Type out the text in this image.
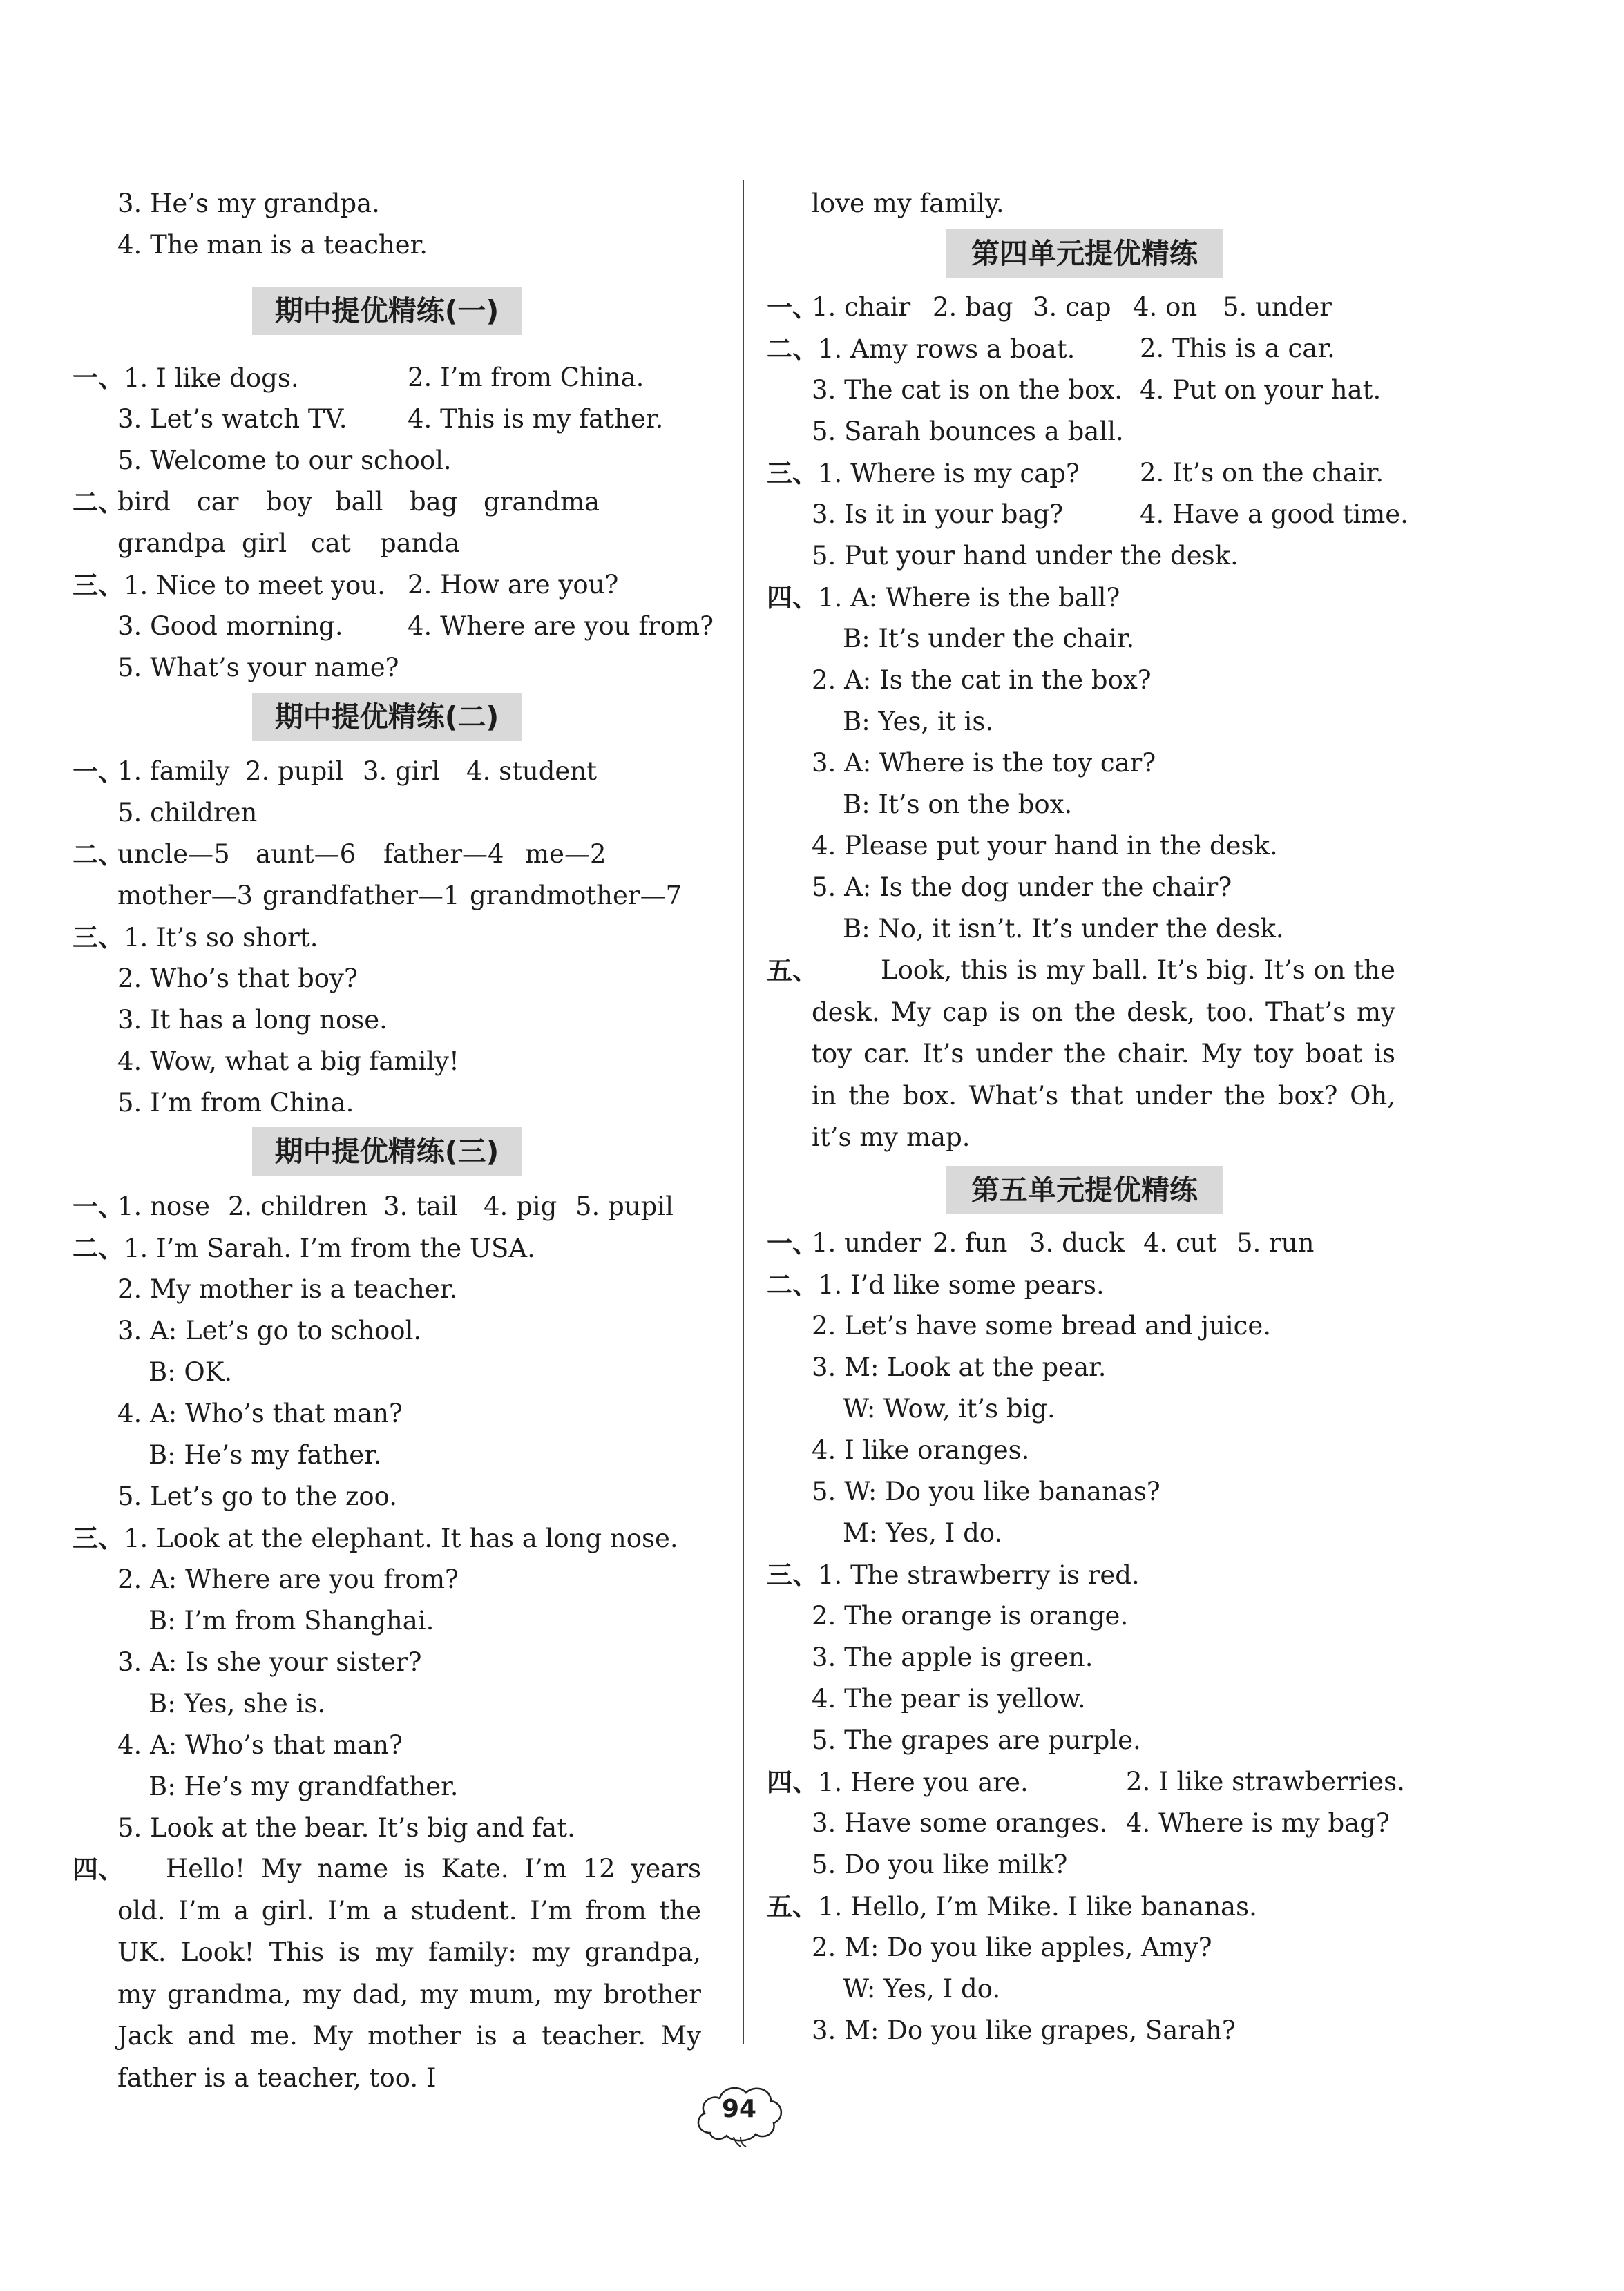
3. He’s my grandpa.
4. The man is a teacher.
期中提优精练(一)
一、1. I like dogs.	2. I’m from China.
3. Let’s watch TV. 4. This is my father.
5. Welcome to our school.
二、
bird car boy ball bag grandma
grandpa girl cat panda
三、1. Nice to meet you. 2. How are you?
3. Good morning.	4. Where are you from?
5. What’s your name?
期中提优精练(二)
一、
1. family 2. pupil 3. girl 4. student
5. children
二、
uncle—5 aunt—6 father—4 me—2
mother—3 grandfather—1 grandmother—7
三、1. It’s so short.
2. Who’s that boy?
3. It has a long nose.
4. Wow, what a big family!
5. I’m from China.
期中提优精练(三)
一、
1. nose 2. children 3. tail 4. pig 5. pupil
二、1. I’m Sarah. I’m from the USA.
2. My mother is a teacher.
3. A: Let’s go to school.
B: OK.
4. A: Who’s that man?
B: He’s my father.
5. Let’s go to the zoo.
三、1. Look at the elephant. It has a long nose.
2. A: Where are you from?
B: I’m from Shanghai.
3. A: Is she your sister?
B: Yes, she is.
4. A: Who’s that man?
B: He’s my grandfather.
5. Look at the bear. It’s big and fat.
四、 Hello! My name is Kate. I’m 12 years old. I’m a girl. I’m a student. I’m from the UK. Look! This is my family: my grandpa, my grandma, my dad, my mum, my brother Jack and me. My mother is a teacher. My father is a teacher, too. I
love my family.
第四单元提优精练
一、
1. chair 2. bag 3. cap 4. on 5. under
二、1. Amy rows a boat.	2. This is a car.
3. The cat is on the box. 4. Put on your hat.
5. Sarah bounces a ball.
三、1. Where is my cap? 2. It’s on the chair.
3. Is it in your bag?	4. Have a good time.
5. Put your hand under the desk.
四、1. A: Where is the ball?
B: It’s under the chair.
2. A: Is the cat in the box?
B: Yes, it is.
3. A: Where is the toy car?
B: It’s on the box.
4. Please put your hand in the desk.
5. A: Is the dog under the chair?
B: No, it isn’t. It’s under the desk.
五、 Look, this is my ball. It’s big. It’s on the desk. My cap is on the desk, too. That’s my toy car. It’s under the chair. My toy boat is in the box. What’s that under the box? Oh, it’s my map.
第五单元提优精练
一、
1. under 2. fun 3. duck 4. cut 5. run
二、1. I’d like some pears.
2. Let’s have some bread and juice.
3. M: Look at the pear.
W: Wow, it’s big.
4. I like oranges.
5. W: Do you like bananas?
M: Yes, I do.
三、1. The strawberry is red.
2. The orange is orange.
3. The apple is green.
4. The pear is yellow.
5. The grapes are purple.
四、1. Here you are.	2. I like strawberries.
3. Have some oranges. 4. Where is my bag?
5. Do you like milk?
五、1. Hello, I’m Mike. I like bananas.
2. M: Do you like apples, Amy?
W: Yes, I do.
3. M: Do you like grapes, Sarah?
94
